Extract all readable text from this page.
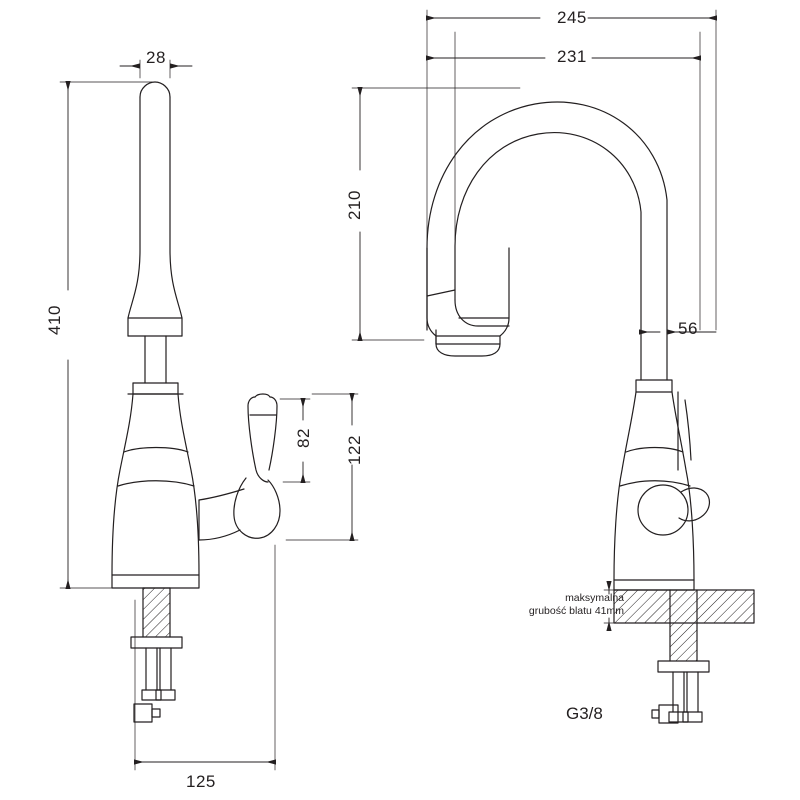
28
410
125
82 122
245
231
210
56
maksymalna
grubość blatu 41mm
G3/8
